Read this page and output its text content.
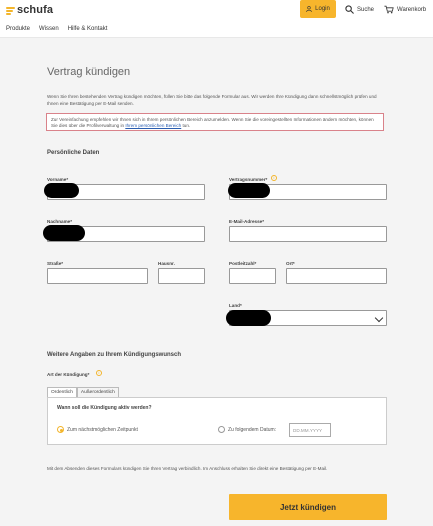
schufa	Login	Suche	Warenkorb
Produkte Wissen Hilfe & Kontakt
Vertrag kündigen

Wenn Sie Ihren bestehenden Vertrag kündigen möchten, füllen Sie bitte das folgende Formular aus. Wir werden Ihre Kündigung dann schnellstmöglich prüfen und Ihnen eine Bestätigung per E-Mail senden.

Zur Vereinfachung empfehlen wir Ihnen sich in Ihrem persönlichen Bereich anzumelden. Wenn Sie die voreingestellten Informationen ändern möchten, können Sie dies über die Profilverwaltung in Ihrem persönlichen Bereich tun.
Persönliche Daten
Vorname*	Vertragsnummer*	i
Nachname*	E-Mail-Adresse*
Straße*	Hausnr.	Postleitzahl*	Ort*
Land*
Weitere Angaben zu Ihrem Kündigungswunsch
Art der Kündigung*	i
Ordentlich	Außerordentlich
Wann soll die Kündigung aktiv werden?
Zum nächstmöglichen Zeitpunkt	Zu folgendem Datum:	DD.MM.YYYY

Mit dem Absenden dieses Formulars kündigen Sie Ihren Vertrag verbindlich. Im Anschluss erhalten Sie direkt eine Bestätigung per E-Mail.

Jetzt kündigen
